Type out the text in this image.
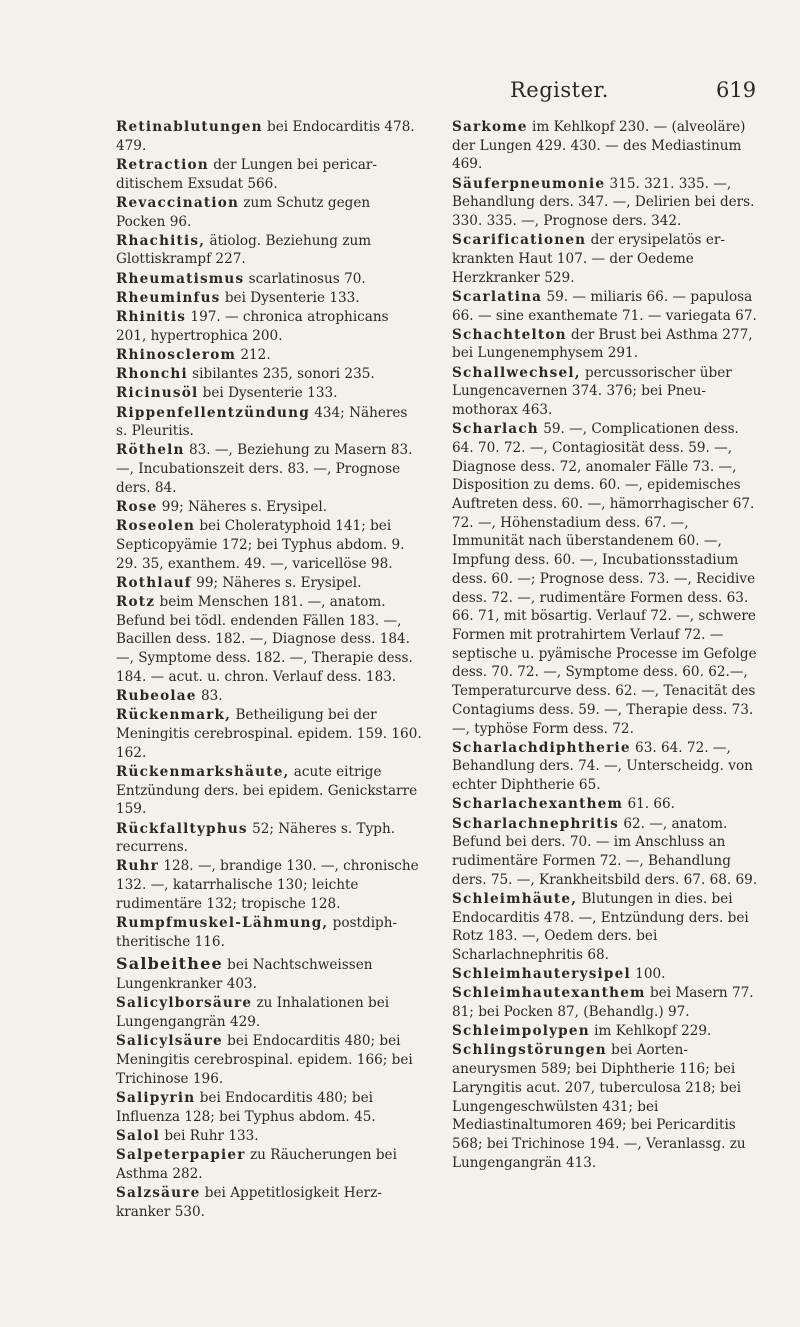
Register.	619

Retinablutungen bei Endocarditis 478. 479.

Retraction der Lungen bei pericarditischem Exsudat 566.

Revaccination zum Schutz gegen Pocken 96.

Rhachitis, ätiolog. Beziehung zum Glottiskrampf 227.

Rheumatismus scarlatinosus 70.

Rheuminfus bei Dysenterie 133.

Rhinitis 197. — chronica atrophicans 201, hypertrophica 200.

Rhinosclerom 212.

Rhonchi sibilantes 235, sonori 235.

Ricinusöl bei Dysenterie 133.

Rippenfellentzündung 434; Näheres s. Pleuritis.

Rötheln 83. —, Beziehung zu Masern 83. —, Incubationszeit ders. 83. —, Prognose ders. 84.

Rose 99; Näheres s. Erysipel.

Roseolen bei Choleratyphoid 141; bei Septicopyämie 172; bei Typhus abdom. 9. 29. 35, exanthem. 49. —, varicellöse 98.

Rothlauf 99; Näheres s. Erysipel.

Rotz beim Menschen 181. —, anatom. Befund bei tödl. endenden Fällen 183. —, Bacillen dess. 182. —, Diagnose dess. 184. —, Symptome dess. 182. —, Therapie dess. 184. — acut. u. chron. Verlauf dess. 183.

Rubeolae 83.

Rückenmark, Betheiligung bei der Meningitis cerebrospinal. epidem. 159. 160. 162.

Rückenmarkshäute, acute eitrige Entzündung ders. bei epidem. Genickstarre 159.

Rückfalltyphus 52; Näheres s. Typh. recurrens.

Ruhr 128. —, brandige 130. —, chronische 132. —, katarrhalische 130; leichte rudimentäre 132; tropische 128.

Rumpfmuskel-Lähmung, postdiphtheritische 116.

Salbeithee bei Nachtschweissen Lungenkranker 403.

Salicylborsäure zu Inhalationen bei Lungengangrän 429.

Salicylsäure bei Endocarditis 480; bei Meningitis cerebrospinal. epidem. 166; bei Trichinose 196.

Salipyrin bei Endocarditis 480; bei Influenza 128; bei Typhus abdom. 45.

Salol bei Ruhr 133.

Salpeterpapier zu Räucherungen bei Asthma 282.

Salzsäure bei Appetitlosigkeit Herzkranker 530.

Sarkome im Kehlkopf 230. — (alveoläre) der Lungen 429. 430. — des Mediastinum 469.

Säuferpneumonie 315. 321. 335. —, Behandlung ders. 347. —, Delirien bei ders. 330. 335. —, Prognose ders. 342.

Scarificationen der erysipelatös erkrankten Haut 107. — der Oedeme Herzkranker 529.

Scarlatina 59. — miliaris 66. — papulosa 66. — sine exanthemate 71. — variegata 67.

Schachtelton der Brust bei Asthma 277, bei Lungenemphysem 291.

Schallwechsel, percussorischer über Lungencavernen 374. 376; bei Pneumothorax 463.

Scharlach 59. —, Complicationen dess. 64. 70. 72. —, Contagiosität dess. 59. —, Diagnose dess. 72, anomaler Fälle 73. —, Disposition zu dems. 60. —, epidemisches Auftreten dess. 60. —, hämorrhagischer 67. 72. —, Höhenstadium dess. 67. —, Immunität nach überstandenem 60. —, Impfung dess. 60. —, Incubationsstadium dess. 60. —; Prognose dess. 73. —, Recidive dess. 72. —, rudimentäre Formen dess. 63. 66. 71, mit bösartig. Verlauf 72. —, schwere Formen mit protrahirtem Verlauf 72. — septische u. pyämische Processe im Gefolge dess. 70. 72. —, Symptome dess. 60. 62.—, Temperaturcurve dess. 62. —, Tenacität des Contagiums dess. 59. —, Therapie dess. 73. —, typhöse Form dess. 72.

Scharlachdiphtherie 63. 64. 72. —, Behandlung ders. 74. —, Unterscheidg. von echter Diphtherie 65.

Scharlachexanthem 61. 66.

Scharlachnephritis 62. —, anatom. Befund bei ders. 70. — im Anschluss an rudimentäre Formen 72. —, Behandlung ders. 75. —, Krankheitsbild ders. 67. 68. 69.

Schleimhäute, Blutungen in dies. bei Endocarditis 478. —, Entzündung ders. bei Rotz 183. —, Oedem ders. bei Scharlachnephritis 68.

Schleimhauterysipel 100.

Schleimhautexanthem bei Masern 77. 81; bei Pocken 87, (Behandlg.) 97.

Schleimpolypen im Kehlkopf 229.

Schlingstörungen bei Aortenaneurysmen 589; bei Diphtherie 116; bei Laryngitis acut. 207, tuberculosa 218; bei Lungengeschwülsten 431; bei Mediastinaltumoren 469; bei Pericarditis 568; bei Trichinose 194. —, Veranlassg. zu Lungengangrän 413.
